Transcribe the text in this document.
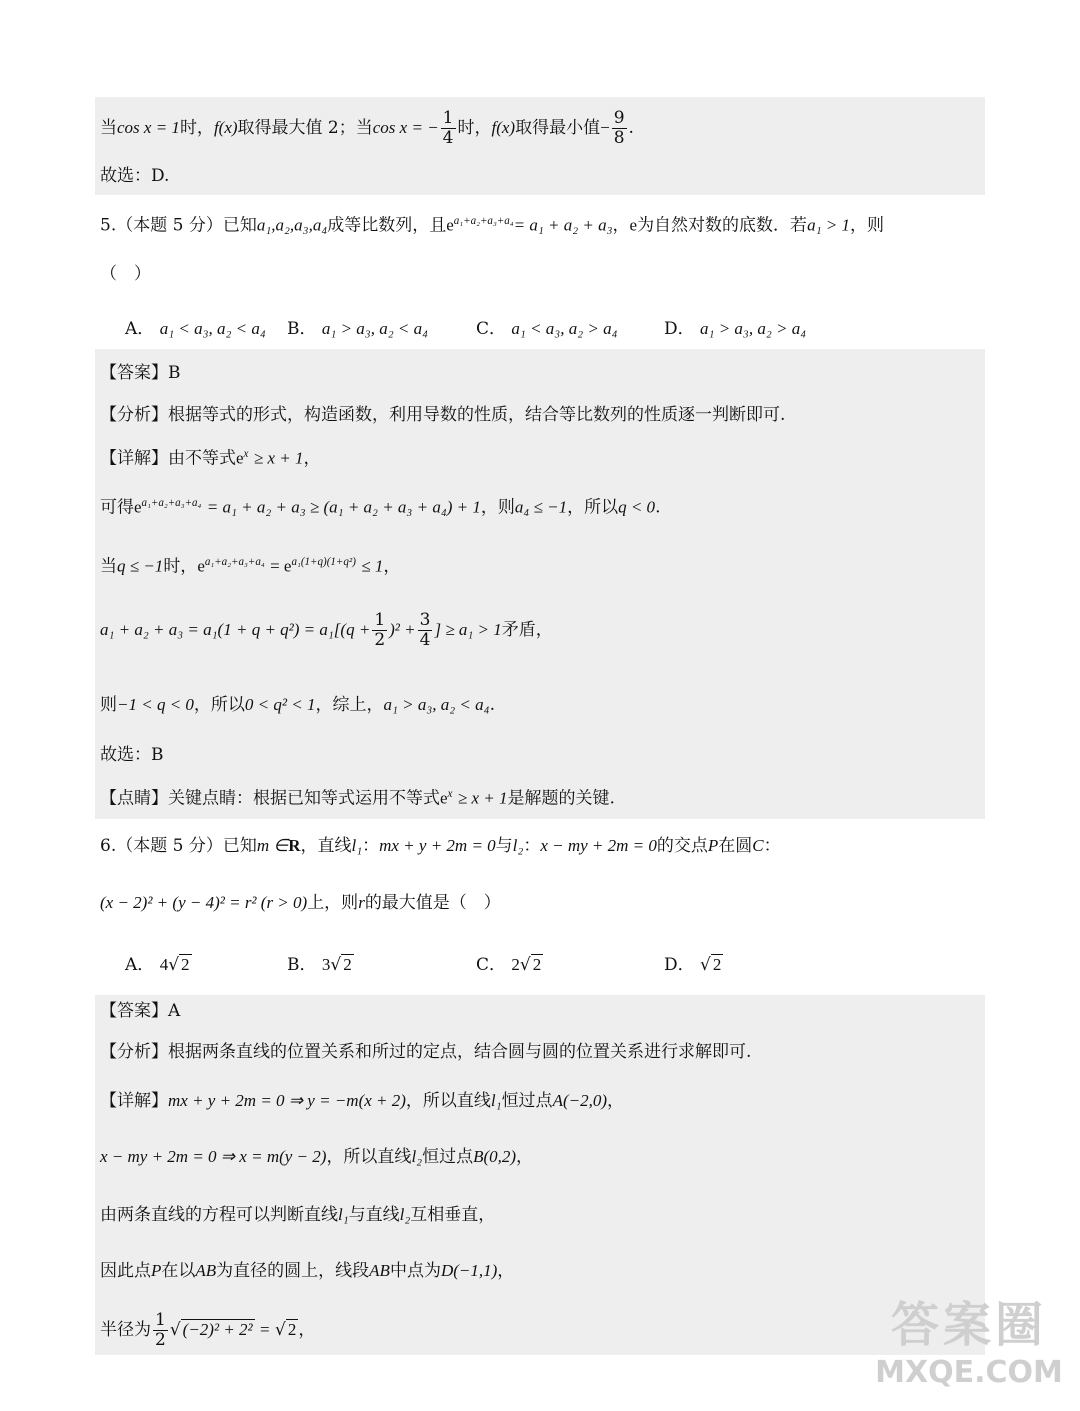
当cos x = 1时，f(x)取得最大值 2；当cos x = − $\frac{1}{4}$ 时，f(x)取得最小值− $\frac{9}{8}$ .
故选：D.
5.（本题 5 分）已知a₁,a₂,a₃,a₄成等比数列，且$e^{a_1+a_2+a_3+a_4}= a_1 + a_2 + a_3$，e为自然对数的底数．若a₁ > 1，则
（　）
A． a₁ < a₃, a₂ < a₄ B． a₁ > a₃, a₂ < a₄	C． a₁ < a₃, a₂ > a₄	D． a₁ > a₃, a₂ > a₄
【答案】B
【分析】根据等式的形式，构造函数，利用导数的性质，结合等比数列的性质逐一判断即可.
【详解】由不等式$e^x \ge x + 1$，
可得$e^{a_1+a_2+a_3+a_4} = a_1 + a_2 + a_3 \ge (a_1 + a_2 + a_3 + a_4) + 1$，则a₄ ≤ −1，所以q < 0.
当q ≤ −1时，$e^{a_1+a_2+a_3+a_4} = e^{a_1(1+q)(1+q^2)} \le 1$，
$a_1 + a_2 + a_3 = a_1(1 + q + q^2) = a_1[(q + \frac{1}{2} )^2 + \frac{3}{4}$ ] ≥ a₁ > 1矛盾，
则−1 < q < 0，所以0 < q² < 1，综上，a₁ > a₃, a₂ < a₄.
故选：B
【点睛】关键点睛：根据已知等式运用不等式$e^x \ge x + 1$是解题的关键.
6.（本题 5 分）已知m ∈R，直线l₁：mx + y + 2m = 0与l₂：x − my + 2m = 0的交点P在圆C：
(x − 2)² + (y − 4)² = r² (r > 0)上，则r的最大值是（　）
A． 4√ 2	B． 3√ 2	C． 2√ 2	D． √ 2
【答案】A
【分析】根据两条直线的位置关系和所过的定点，结合圆与圆的位置关系进行求解即可.
【详解】mx + y + 2m = 0 ⇒ y = −m(x + 2)，所以直线l₁恒过点A(−2,0)，
x − my + 2m = 0 ⇒ x = m(y − 2)，所以直线l₂恒过点B(0,2)，
由两条直线的方程可以判断直线l₁与直线l₂互相垂直，
因此点P在以AB为直径的圆上，线段AB中点为D(−1,1)，
半径为 $\frac{1}{2}$ √ (−2)² + 2² = √ 2 ，	答案圈
MXQE.COM
